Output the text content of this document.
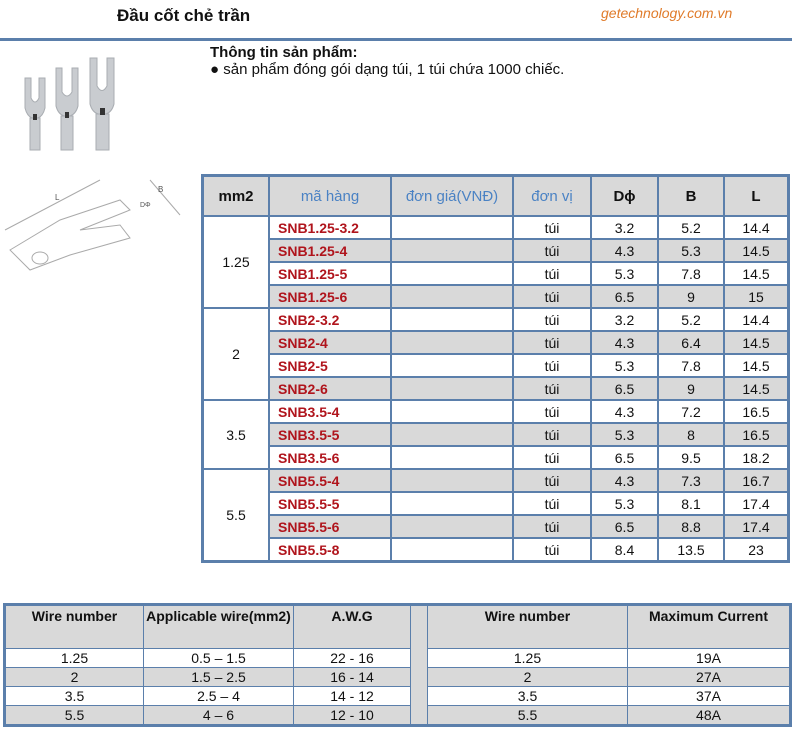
Đầu cốt chẻ trần	getechnology.com.vn
Thông tin sản phẩm:
● sản phẩm đóng gói dạng túi, 1 túi chứa 1000 chiếc.
L
B
DΦ
mm2	mã hàng	đơn giá(VNĐ)	đơn vị	Dϕ	B	L
1.25	SNB1.25-3.2		túi	3.2	5.2	14.4
	SNB1.25-4		túi	4.3	5.3	14.5
	SNB1.25-5		túi	5.3	7.8	14.5
	SNB1.25-6		túi	6.5	9	15
2	SNB2-3.2		túi	3.2	5.2	14.4
	SNB2-4		túi	4.3	6.4	14.5
	SNB2-5		túi	5.3	7.8	14.5
	SNB2-6		túi	6.5	9	14.5
3.5	SNB3.5-4		túi	4.3	7.2	16.5
	SNB3.5-5		túi	5.3	8	16.5
	SNB3.5-6		túi	6.5	9.5	18.2
5.5	SNB5.5-4		túi	4.3	7.3	16.7
	SNB5.5-5		túi	5.3	8.1	17.4
	SNB5.5-6		túi	6.5	8.8	17.4
	SNB5.5-8		túi	8.4	13.5	23
Wire number	Applicable wire(mm2)	A.W.G		Wire number	Maximum Current
1.25	0.5 – 1.5	22 - 16		1.25	19A
2	1.5 – 2.5	16 - 14		2	27A
3.5	2.5 – 4	14 - 12		3.5	37A
5.5	4 – 6	12 - 10		5.5	48A
